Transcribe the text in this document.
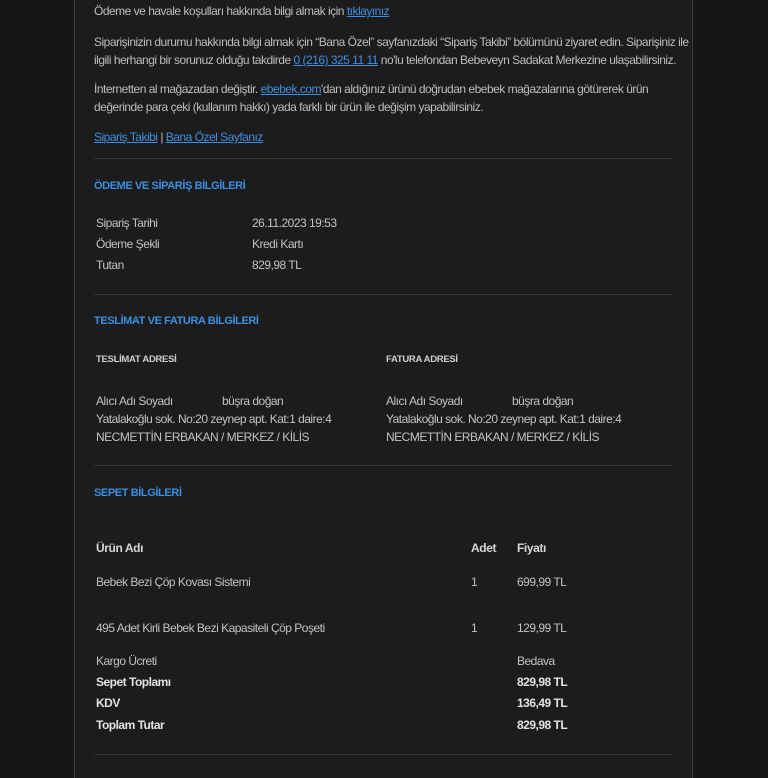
Ödeme ve havale koşulları hakkında bilgi almak için tıklayınız
Siparişinizin durumu hakkında bilgi almak için “Bana Özel” sayfanızdaki “Sipariş Takibi” bölümünü ziyaret edin. Siparişiniz ile
ilgili herhangi bir sorunuz olduğu takdirde 0 (216) 325 11 11 no'lu telefondan Bebeveyn Sadakat Merkezine ulaşabilirsiniz.
İnternetten al mağazadan değiştir. ebebek.com'dan aldığınız ürünü doğrudan ebebek mağazalarına götürerek ürün
değerinde para çeki (kullanım hakkı) yada farklı bir ürün ile değişim yapabilirsiniz.
Sipariş Takibi | Bana Özel Sayfanız
ÖDEME VE SİPARİŞ BİLGİLERİ
Sipariş Tarihi	26.11.2023 19:53
Ödeme Şekli	Kredi Kartı
Tutan	829,98 TL
TESLİMAT VE FATURA BİLGİLERİ
TESLİMAT ADRESİ
Alıcı Adı Soyadı	büşra doğan
Yatalakoğlu sok. No:20 zeynep apt. Kat:1 daire:4
NECMETTİN ERBAKAN / MERKEZ / KİLİS
FATURA ADRESİ
Alıcı Adı Soyadı	büşra doğan
Yatalakoğlu sok. No:20 zeynep apt. Kat:1 daire:4
NECMETTİN ERBAKAN / MERKEZ / KİLİS
SEPET BİLGİLERİ
Ürün Adı	Adet Fiyatı
Bebek Bezi Çöp Kovası Sistemi	1	699,99 TL
495 Adet Kirli Bebek Bezi Kapasiteli Çöp Poşeti	1	129,99 TL
Kargo Ücreti	Bedava
Sepet Toplamı	829,98 TL
KDV	136,49 TL
Toplam Tutar	829,98 TL
